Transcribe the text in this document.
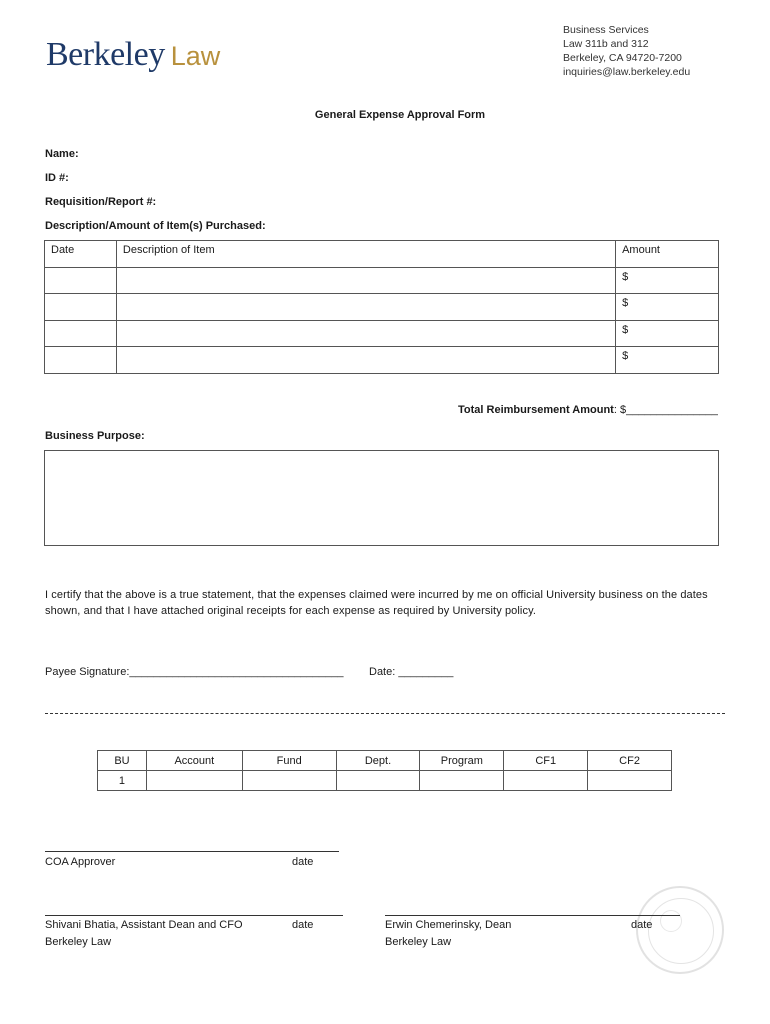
Berkeley Law
Business Services
Law 311b and 312
Berkeley, CA 94720-7200
inquiries@law.berkeley.edu
General Expense Approval Form
Name:
ID #:
Requisition/Report #:
Description/Amount of Item(s) Purchased:
Date	Description of Item	Amount
		$
		$
		$
		$
Total Reimbursement Amount: $_______________
Business Purpose:
I certify that the above is a true statement, that the expenses claimed were incurred by me on official University business on the dates shown, and that I have attached original receipts for each expense as required by University policy.
Payee Signature:___________________________________ Date: _________
BU	Account	Fund	Dept.	Program	CF1	CF2
1						
COA Approver	date
Shivani Bhatia, Assistant Dean and CFO
Berkeley Law
date	Erwin Chemerinsky, Dean
Berkeley Law
date
